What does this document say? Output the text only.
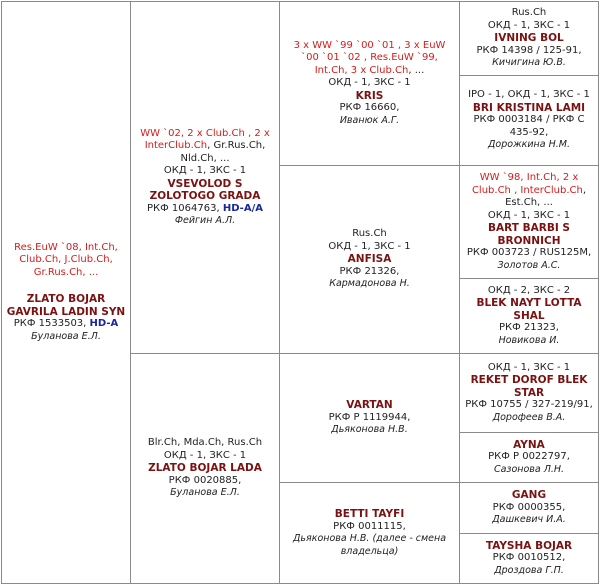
Res.EuW `08, Int.Ch, Club.Ch, J.Club.Ch, Gr.Rus.Ch, ...
ZLATO BOJAR GAVRILA LADIN SYN
РКФ 1533503, HD-A
Буланова Е.Л.
WW `02, 2 x Club.Ch , 2 x InterClub.Ch, Gr.Rus.Ch, Nld.Ch, ...
ОКД - 1, ЗКС - 1
VSEVOLOD S ZOLOTOGO GRADA
РКФ 1064763, HD-A/A
Фейгин А.Л.
Blr.Ch, Mda.Ch, Rus.Ch
ОКД - 1, ЗКС - 1
ZLATO BOJAR LADA
РКФ 0020885,
Буланова Е.Л.
3 x WW `99 `00 `01 , 3 x EuW `00 `01 `02 , Res.EuW `99, Int.Ch, 3 x Club.Ch, ...
ОКД - 1, ЗКС - 1
KRIS
РКФ 16660,
Иванюк А.Г.
Rus.Ch
ОКД - 1, ЗКС - 1
ANFISA
РКФ 21326,
Кармадонова Н.
VARTAN
РКФ Р 1119944,
Дьяконова Н.В.
BETTI TAYFI
РКФ 0011115,
Дьяконова Н.В. (далее - смена владельца)
Rus.Ch
ОКД - 1, ЗКС - 1
IVNING BOL
РКФ 14398 / 125-91,
Кичигина Ю.В.
IPO - 1, ОКД - 1, ЗКС - 1
BRI KRISTINA LAMI
РКФ 0003184 / РКФ С 435-92,
Дорожкина Н.М.
WW `98, Int.Ch, 2 x Club.Ch , InterClub.Ch, Est.Ch, ...
ОКД - 1, ЗКС - 1
BART BARBI S BRONNICH
РКФ 003723 / RUS125M,
Золотов А.С.
ОКД - 2, ЗКС - 2
BLEK NAYT LOTTA SHAL
РКФ 21323,
Новикова И.
ОКД - 1, ЗКС - 1
REKET DOROF BLEK STAR
РКФ 10755 / 327-219/91,
Дорофеев В.А.
AYNA
РКФ Р 0022797,
Сазонова Л.Н.
GANG
РКФ 0000355,
Дашкевич И.А.
TAYSHA BOJAR
РКФ 0010512,
Дроздова Г.П.
